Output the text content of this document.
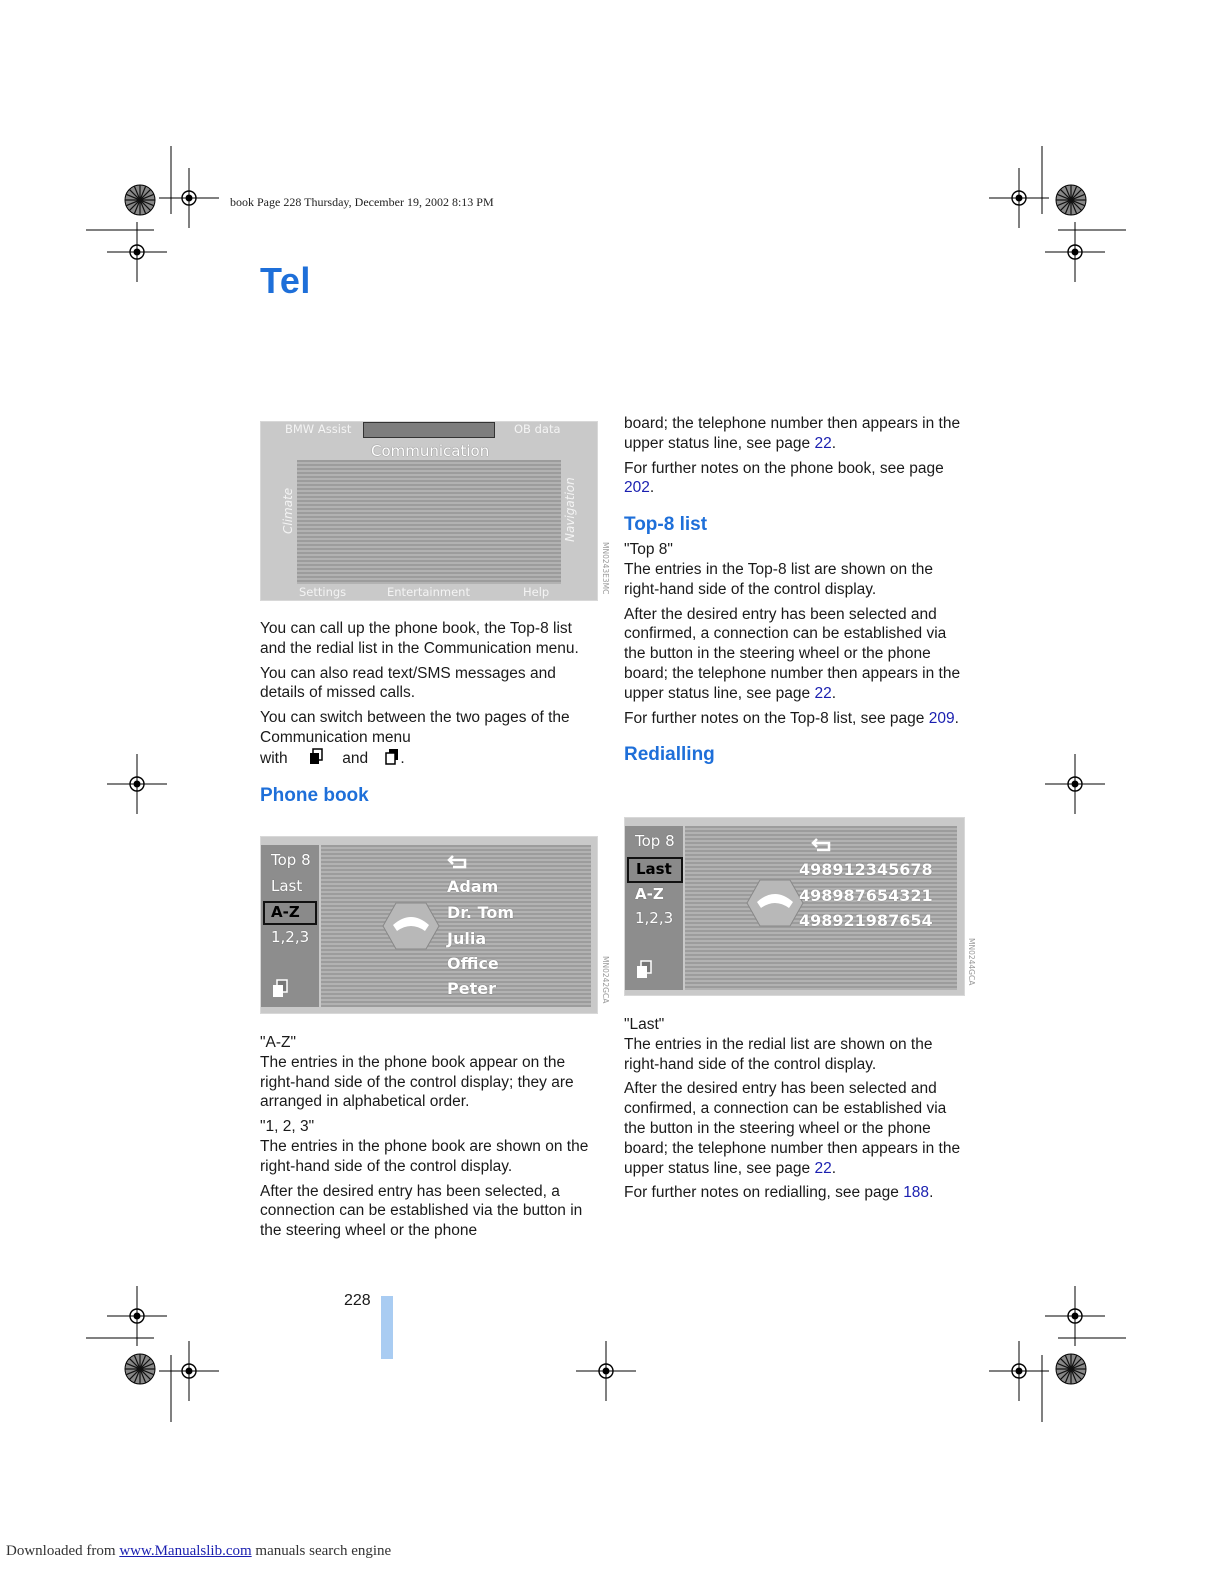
book Page 228 Thursday, December 19, 2002 8:13 PM
Tel
BMW Assist	OB data
Communication
Climate	Navigation
Settings	Entertainment	Help	MN0243E3MC

You can call up the phone book, the Top-8 list and the redial list in the Communication menu.

You can also read text/SMS messages and details of missed calls.

You can switch between the two pages of the Communication menu
with	and .

Phone book
Top 8
Last
A-Z
1,2,3
Adam
Dr. Tom
Julia
Office
Peter	MN0242GCA
"A-Z"

The entries in the phone book appear on the right-hand side of the control display; they are arranged in alphabetical order.

"1, 2, 3"

The entries in the phone book are shown on the right-hand side of the control display.

After the desired entry has been selected, a connection can be established via the button in the steering wheel or the phone

board; the telephone number then appears in the upper status line, see page 22.

For further notes on the phone book, see page 202.

Top-8 list
"Top 8"

The entries in the Top-8 list are shown on the right-hand side of the control display.

After the desired entry has been selected and confirmed, a connection can be established via the button in the steering wheel or the phone board; the telephone number then appears in the upper status line, see page 22.

For further notes on the Top-8 list, see page 209.

Redialling
Top 8
Last
A-Z
1,2,3
498912345678
498987654321
498921987654
MN0244GCA
"Last"

The entries in the redial list are shown on the right-hand side of the control display.

After the desired entry has been selected and confirmed, a connection can be established via the button in the steering wheel or the phone board; the telephone number then appears in the upper status line, see page 22.

For further notes on redialling, see page 188.

228
Downloaded from www.Manualslib.com manuals search engine
